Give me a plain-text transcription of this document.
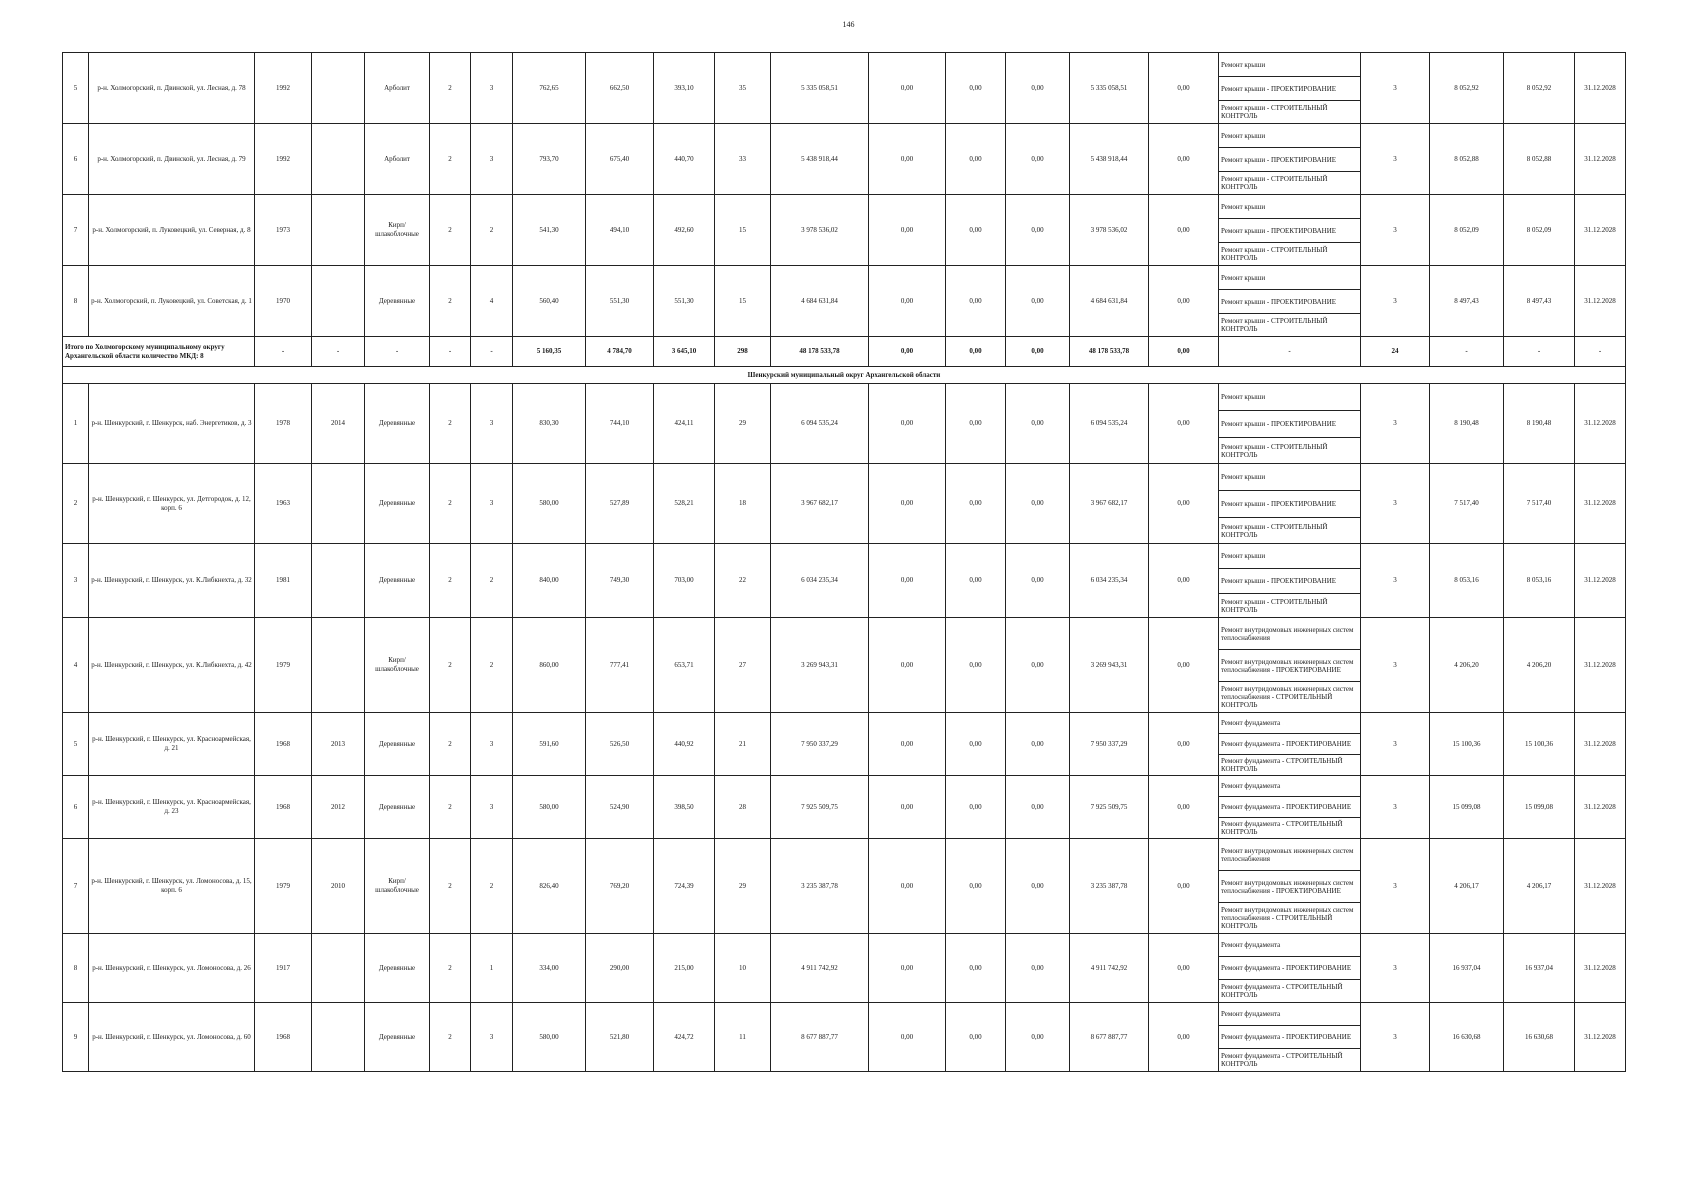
146
5	р-н. Холмогорский, п. Двинской, ул. Лесная, д. 78	1992		Арболит	2	3	762,65	662,50	393,10	35	5 335 058,51	0,00	0,00	0,00	5 335 058,51	0,00	Ремонт крыши	3	8 052,92	8 052,92	31.12.2028
																	Ремонт крыши - ПРОЕКТИРОВАНИЕ				
																	Ремонт крыши - СТРОИТЕЛЬНЫЙ КОНТРОЛЬ				
6	р-н. Холмогорский, п. Двинской, ул. Лесная, д. 79	1992		Арболит	2	3	793,70	675,40	440,70	33	5 438 918,44	0,00	0,00	0,00	5 438 918,44	0,00	Ремонт крыши	3	8 052,88	8 052,88	31.12.2028
																	Ремонт крыши - ПРОЕКТИРОВАНИЕ				
																	Ремонт крыши - СТРОИТЕЛЬНЫЙ КОНТРОЛЬ				
7	р-н. Холмогорский, п. Луковецкий, ул. Северная, д. 8	1973		Кирп/ шлакоблочные	2	2	541,30	494,10	492,60	15	3 978 536,02	0,00	0,00	0,00	3 978 536,02	0,00	Ремонт крыши	3	8 052,09	8 052,09	31.12.2028
																	Ремонт крыши - ПРОЕКТИРОВАНИЕ				
																	Ремонт крыши - СТРОИТЕЛЬНЫЙ КОНТРОЛЬ				
8	р-н. Холмогорский, п. Луковецкий, ул. Советская, д. 1	1970		Деревянные	2	4	560,40	551,30	551,30	15	4 684 631,84	0,00	0,00	0,00	4 684 631,84	0,00	Ремонт крыши	3	8 497,43	8 497,43	31.12.2028
																	Ремонт крыши - ПРОЕКТИРОВАНИЕ				
																	Ремонт крыши - СТРОИТЕЛЬНЫЙ КОНТРОЛЬ				
Итого по Холмогорскому муниципальному округу Архангельской области количество МКД: 8		-	-	-	-	-	5 160,35	4 784,70	3 645,10	298	48 178 533,78	0,00	0,00	0,00	48 178 533,78	0,00	-	24	-	-	-
Шенкурский муниципальный округ Архангельской области																					
1	р-н. Шенкурский, г. Шенкурск, наб. Энергетиков, д. 3	1978	2014	Деревянные	2	3	830,30	744,10	424,11	29	6 094 535,24	0,00	0,00	0,00	6 094 535,24	0,00	Ремонт крыши	3	8 190,48	8 190,48	31.12.2028
																	Ремонт крыши - ПРОЕКТИРОВАНИЕ				
																	Ремонт крыши - СТРОИТЕЛЬНЫЙ КОНТРОЛЬ				
2	р-н. Шенкурский, г. Шенкурск, ул. Детгородок, д. 12, корп. 6	1963		Деревянные	2	3	580,00	527,89	528,21	18	3 967 682,17	0,00	0,00	0,00	3 967 682,17	0,00	Ремонт крыши	3	7 517,40	7 517,40	31.12.2028
																	Ремонт крыши - ПРОЕКТИРОВАНИЕ				
																	Ремонт крыши - СТРОИТЕЛЬНЫЙ КОНТРОЛЬ				
3	р-н. Шенкурский, г. Шенкурск, ул. К.Либкнехта, д. 32	1981		Деревянные	2	2	840,00	749,30	703,00	22	6 034 235,34	0,00	0,00	0,00	6 034 235,34	0,00	Ремонт крыши	3	8 053,16	8 053,16	31.12.2028
																	Ремонт крыши - ПРОЕКТИРОВАНИЕ				
																	Ремонт крыши - СТРОИТЕЛЬНЫЙ КОНТРОЛЬ				
4	р-н. Шенкурский, г. Шенкурск, ул. К.Либкнехта, д. 42	1979		Кирп/ шлакоблочные	2	2	860,00	777,41	653,71	27	3 269 943,31	0,00	0,00	0,00	3 269 943,31	0,00	Ремонт внутридомовых инженерных систем теплоснабжения	3	4 206,20	4 206,20	31.12.2028
																	Ремонт внутридомовых инженерных систем теплоснабжения - ПРОЕКТИРОВАНИЕ				
																	Ремонт внутридомовых инженерных систем теплоснабжения - СТРОИТЕЛЬНЫЙ КОНТРОЛЬ				
5	р-н. Шенкурский, г. Шенкурск, ул. Красноармейская, д. 21	1968	2013	Деревянные	2	3	591,60	526,50	440,92	21	7 950 337,29	0,00	0,00	0,00	7 950 337,29	0,00	Ремонт фундамента	3	15 100,36	15 100,36	31.12.2028
																	Ремонт фундамента - ПРОЕКТИРОВАНИЕ				
																	Ремонт фундамента - СТРОИТЕЛЬНЫЙ КОНТРОЛЬ				
6	р-н. Шенкурский, г. Шенкурск, ул. Красноармейская, д. 23	1968	2012	Деревянные	2	3	580,00	524,90	398,50	28	7 925 509,75	0,00	0,00	0,00	7 925 509,75	0,00	Ремонт фундамента	3	15 099,08	15 099,08	31.12.2028
																	Ремонт фундамента - ПРОЕКТИРОВАНИЕ				
																	Ремонт фундамента - СТРОИТЕЛЬНЫЙ КОНТРОЛЬ				
7	р-н. Шенкурский, г. Шенкурск, ул. Ломоносова, д. 15, корп. 6	1979	2010	Кирп/ шлакоблочные	2	2	826,40	769,20	724,39	29	3 235 387,78	0,00	0,00	0,00	3 235 387,78	0,00	Ремонт внутридомовых инженерных систем теплоснабжения	3	4 206,17	4 206,17	31.12.2028
																	Ремонт внутридомовых инженерных систем теплоснабжения - ПРОЕКТИРОВАНИЕ				
																	Ремонт внутридомовых инженерных систем теплоснабжения - СТРОИТЕЛЬНЫЙ КОНТРОЛЬ				
8	р-н. Шенкурский, г. Шенкурск, ул. Ломоносова, д. 26	1917		Деревянные	2	1	334,00	290,00	215,00	10	4 911 742,92	0,00	0,00	0,00	4 911 742,92	0,00	Ремонт фундамента	3	16 937,04	16 937,04	31.12.2028
																	Ремонт фундамента - ПРОЕКТИРОВАНИЕ				
																	Ремонт фундамента - СТРОИТЕЛЬНЫЙ КОНТРОЛЬ				
9	р-н. Шенкурский, г. Шенкурск, ул. Ломоносова, д. 60	1968		Деревянные	2	3	580,00	521,80	424,72	11	8 677 887,77	0,00	0,00	0,00	8 677 887,77	0,00	Ремонт фундамента	3	16 630,68	16 630,68	31.12.2028
																	Ремонт фундамента - ПРОЕКТИРОВАНИЕ				
																	Ремонт фундамента - СТРОИТЕЛЬНЫЙ КОНТРОЛЬ				
